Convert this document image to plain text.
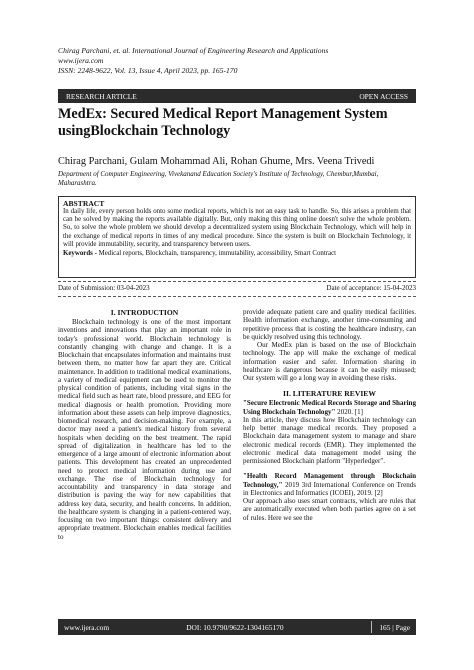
Chirag Parchani, et. al. International Journal of Engineering Research and Applications
www.ijera.com
ISSN: 2248-9622, Vol. 13, Issue 4, April 2023, pp. 165-170
RESEARCH ARTICLE	OPEN ACCESS
MedEx: Secured Medical Report Management System usingBlockchain Technology
Chirag Parchani, Gulam Mohammad Ali, Rohan Ghume, Mrs. Veena Trivedi
Department of Computer Engineering, Vivekanand Education Society's Institute of Technology, Chembur,Mumbai, Maharashtra.
ABSTRACT
In daily life, every person holds onto some medical reports, which is not an easy task to handle. So, this arises a problem that can be solved by making the reports available digitally. But, only making this thing online doesn't solve the whole problem. So, to solve the whole problem we should develop a decentralized system using Blockchain Technology, which will help in the exchange of medical reports in times of any medical procedure. Since the system is built on Blockchain Technology, it will provide immutability, security, and transparency between users.
Keywords - Medical reports, Blockchain, transparency, immutability, accessibility, Smart Contract
Date of Submission: 03-04-2023	Date of acceptance: 15-04-2023
I. INTRODUCTION

Blockchain technology is one of the most important inventions and innovations that play an important role in today's professional world. Blockchain technology is constantly changing with change and change. It is a Blockchain that encapsulates information and maintains trust between them, no matter how far apart they are. Critical maintenance. In addition to traditional medical examinations, a variety of medical equipment can be used to monitor the physical condition of patients, including vital signs in the medical field such as heart rate, blood pressure, and EEG for medical diagnosis or health promotion. Providing more information about these assets can help improve diagnostics, biomedical research, and decision-making. For example, a doctor may need a patient's medical history from several hospitals when deciding on the best treatment. The rapid spread of digitalization in healthcare has led to the emergence of a large amount of electronic information about patients. This development has created an unprecedented need to protect medical information during use and exchange. The rise of Blockchain technology for accountability and transparency in data storage and distribution is paving the way for new capabilities that address key data, security, and health concerns. In addition, the healthcare system is changing in a patient-centered way, focusing on two important things: consistent delivery and appropriate treatment. Blockchain enables medical facilities to

provide adequate patient care and quality medical facilities. Health information exchange, another time-consuming and repetitive process that is costing the healthcare industry, can be quickly resolved using this technology.

Our MedEx plan is based on the use of Blockchain technology. The app will make the exchange of medical information easier and safer. Information sharing in healthcare is dangerous because it can be easily misused; Our system will go a long way in avoiding these risks.

II. LITERATURE REVIEW

"Secure Electronic Medical Records Storage and Sharing Using Blockchain Technology" 2020. [1]

In this article, they discuss how Blockchain technology can help better manage medical records. They proposed a Blockchain data management system to manage and share electronic medical records (EMR). They implemented the electronic medical data management model using the permissioned Blockchain platform "Hyperledger".

"Health Record Management through Blockchain Technology," 2019 3rd International Conference on Trends in Electronics and Informatics (ICOEI), 2019. [2]

Our approach also uses smart contracts, which are rules that are automatically executed when both parties agree on a set of rules. Here we see the

www.ijera.com	DOI: 10.9790/9622-1304165170	165 | Page
